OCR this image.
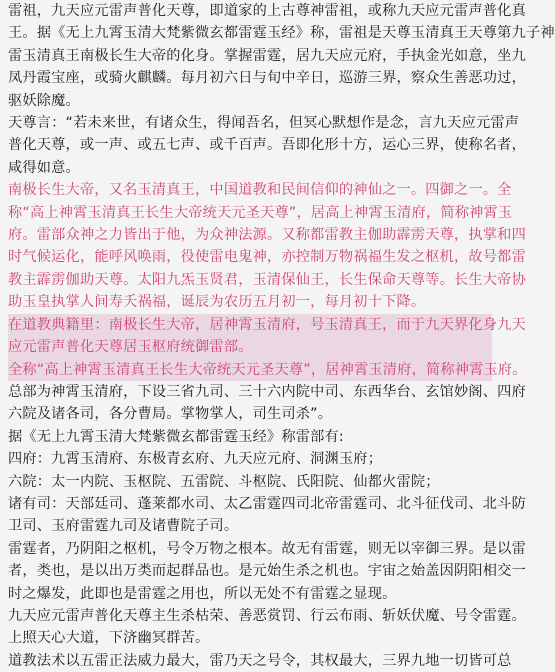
雷祖，九天应元雷声普化天尊，即道家的上古尊神雷祖，或称九天应元雷声普化真
王。据《无上九霄玉清大梵紫微玄都雷霆玉经》称，雷祖是天尊玉清真王天尊第九子神
雷玉清真王南极长生大帝的化身。掌握雷霆，居九天应元府，手执金光如意，坐九
凤丹霞宝座，或骑火麒麟。每月初六日与旬中辛日，巡游三界，察众生善恶功过，
驱妖除魔。
天尊言：“若未来世，有诸众生，得闻吾名，但冥心默想作是念，言九天应元雷声
普化天尊，或一声、或五七声、或千百声。吾即化形十方，运心三界，使称名者，
咸得如意。
南极长生大帝，又名玉清真王，中国道教和民间信仰的神仙之一。四御之一。全
称“高上神霄玉清真王长生大帝统天元圣天尊”，居高上神霄玉清府，简称神霄玉
府。雷部众神之力皆出于他，为众神法源。又称都雷教主伽助霹雳天尊，执掌和四
时气候运化，能呼风唤雨，役使雷电鬼神，亦控制万物祸福生发之枢机，故号都雷
教主霹雳伽助天尊。太阳九炁玉贤君，玉清保仙王，长生保命天尊等。长生大帝协
助玉皇执掌人间寿夭祸福，诞辰为农历五月初一，每月初十下降。
在道教典籍里：南极长生大帝，居神霄玉清府，号玉清真王，而于九天界化身九天
应元雷声普化天尊居玉枢府统御雷部。
全称“高上神霄玉清真王长生大帝统天元圣天尊”，居神霄玉清府，简称神霄玉府。
总部为神霄玉清府，下设三省九司、三十六内院中司、东西华台、玄馆妙阁、四府
六院及诸各司，各分曹局。掌物掌人，司生司杀”。
据《无上九霄玉清大梵紫微玄都雷霆玉经》称雷部有:
四府：九霄玉清府、东极青玄府、九天应元府、洞渊玉府；
六院：太一内院、玉枢院、五雷院、斗枢院、氏阳院、仙都火雷院；
诸有司：天部廷司、蓬莱都水司、太乙雷霆四司北帝雷霆司、北斗征伐司、北斗防
卫司、玉府雷霆九司及诸曹院子司。
雷霆者，乃阴阳之枢机，号令万物之根本。故无有雷霆，则无以宰御三界。是以雷
者，类也，是以出万类而起群品也。是元始生杀之机也。宇宙之始盖因阴阳相交一
时之爆发，此即也是雷霆之用也，所以无处不有雷霆之显现。
九天应元雷声普化天尊主生杀枯荣、善恶赏罚、行云布雨、斩妖伏魔、号令雷霆。
上照天心大道，下济幽冥群苦。
道教法术以五雷正法威力最大，雷乃天之号令，其权最大，三界九地一切皆可总
